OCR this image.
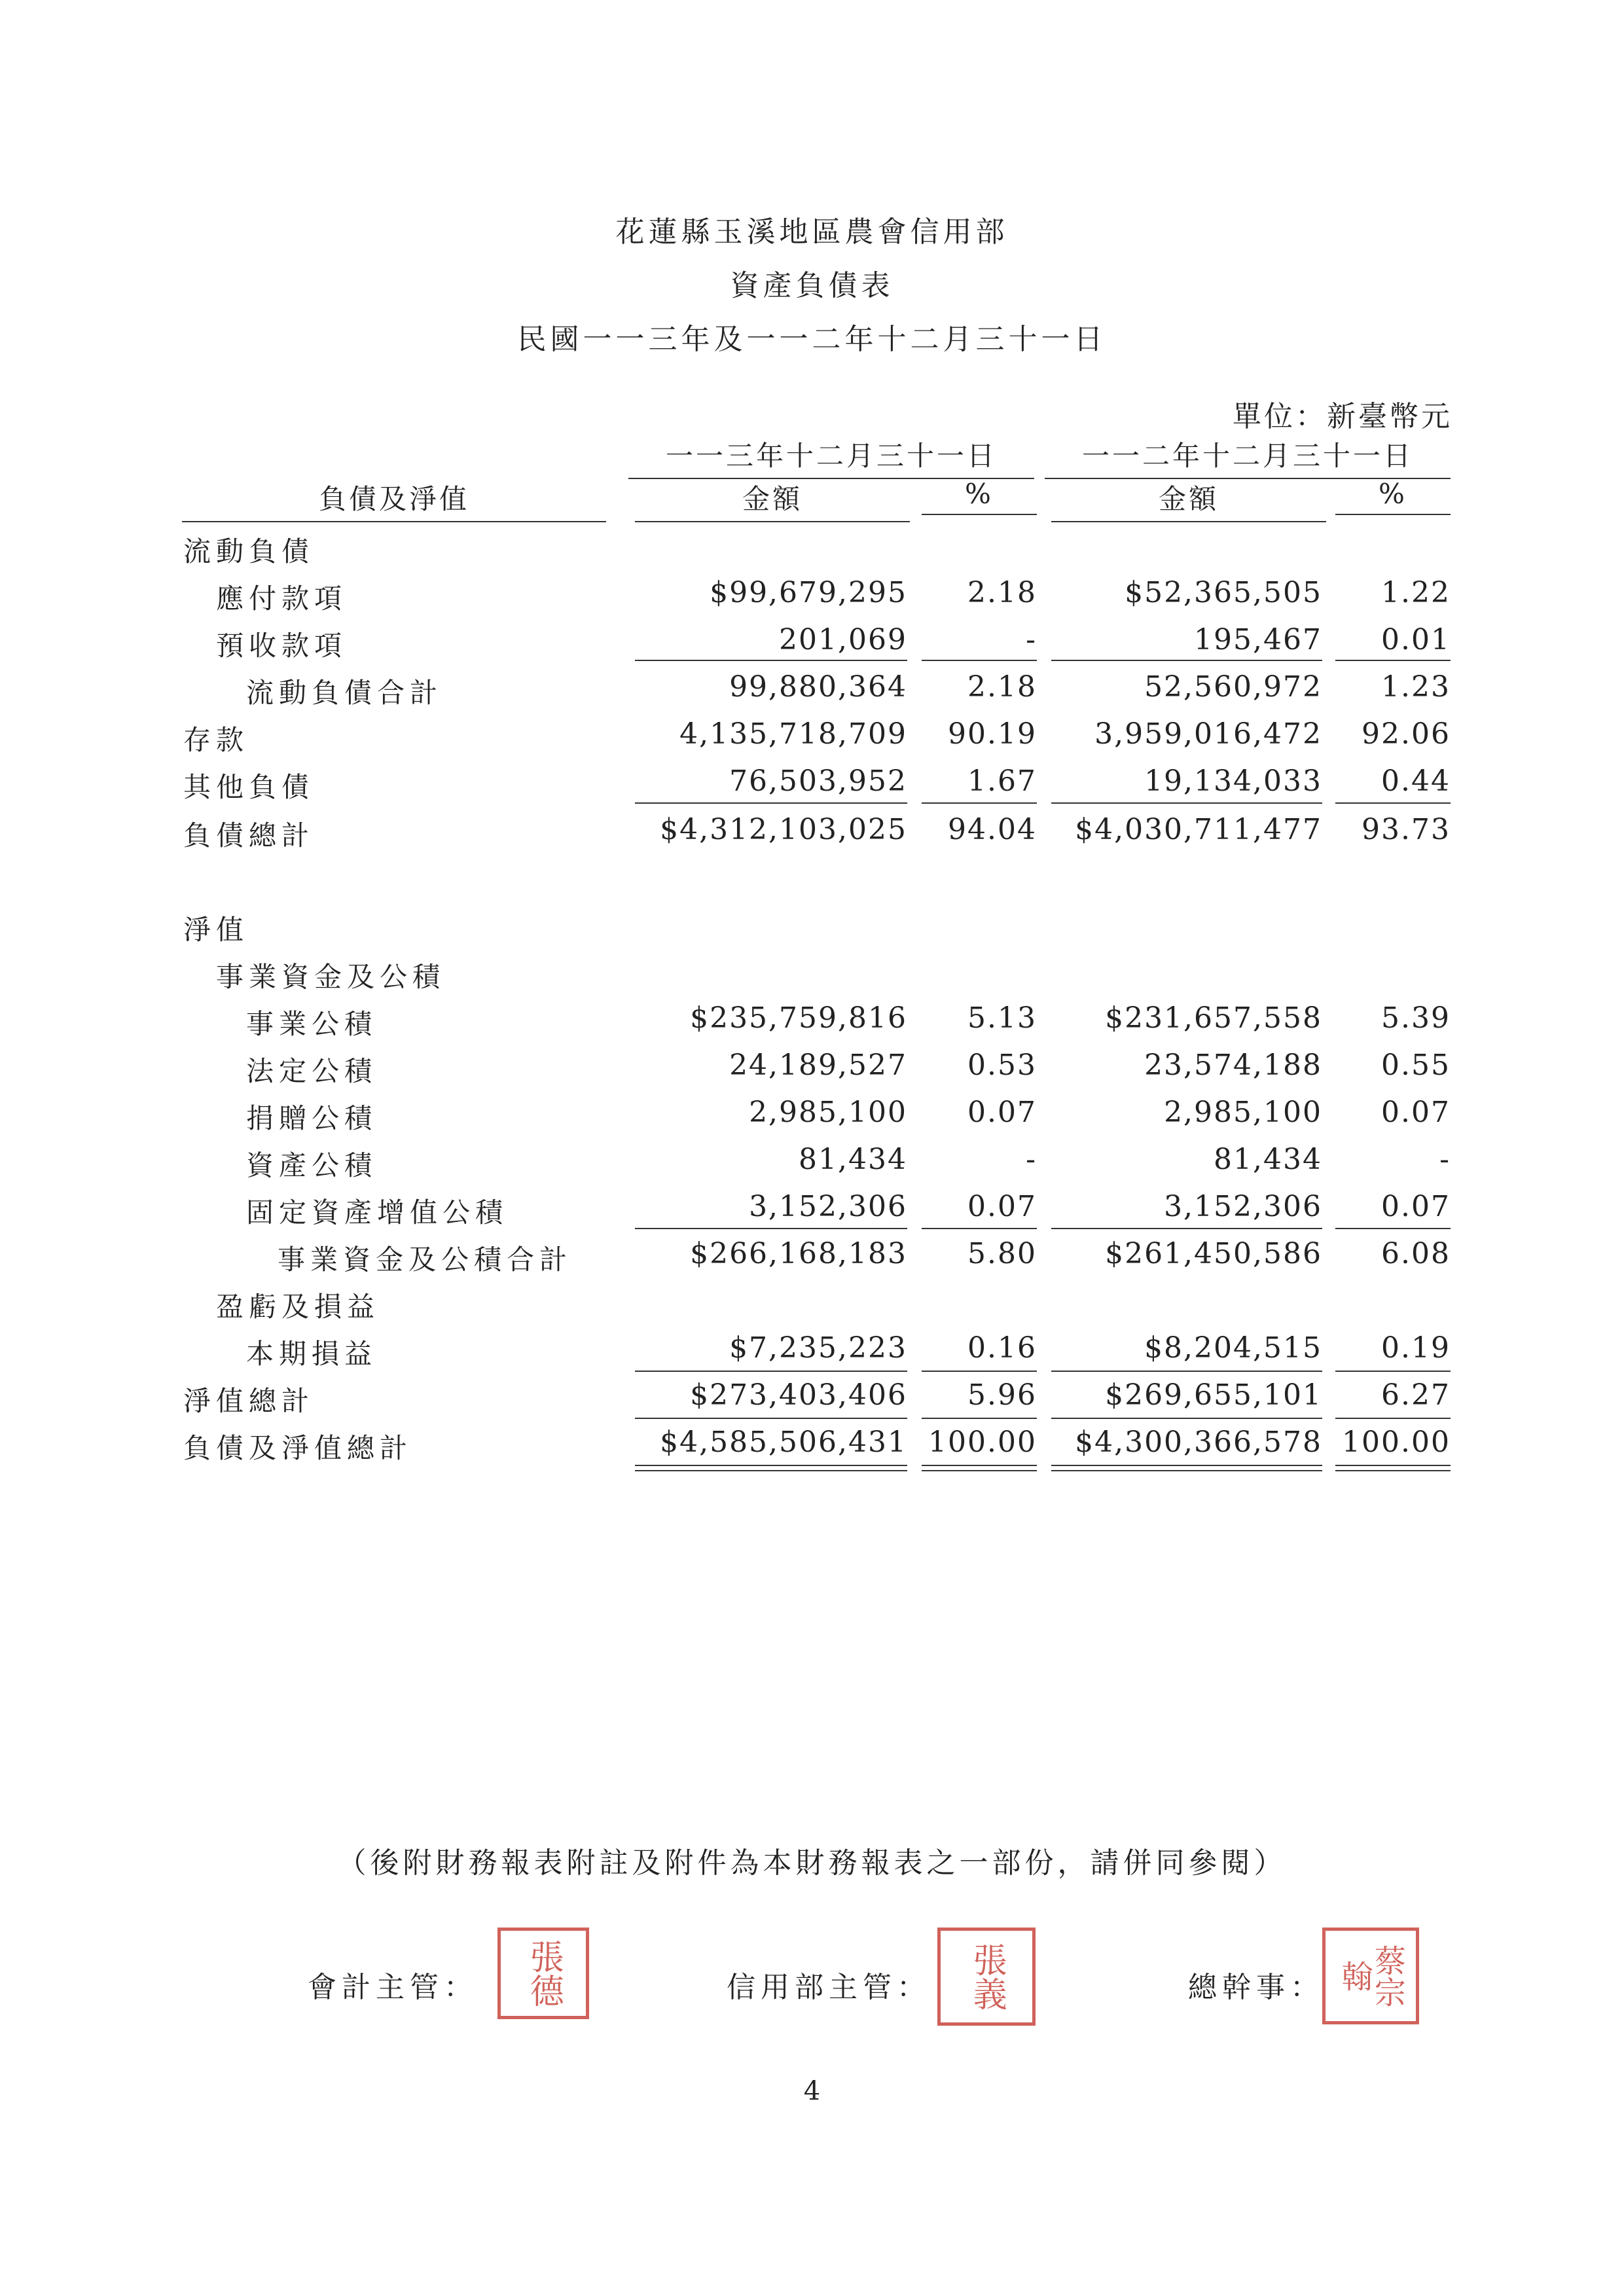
花蓮縣玉溪地區農會信用部
資產負債表
民國一一三年及一一二年十二月三十一日
單位：新臺幣元
一一三年十二月三十一日	一一二年十二月三十一日
負債及淨值	金額	%	金額	%
流動負債
應付款項	$99,679,295	2.18	$52,365,505	1.22
預收款項	201,069	-	195,467	0.01
流動負債合計	99,880,364	2.18	52,560,972	1.23
存款	4,135,718,709	90.19	3,959,016,472	92.06
其他負債	76,503,952	1.67	19,134,033	0.44
負債總計	$4,312,103,025	94.04	$4,030,711,477	93.73
淨值
事業資金及公積
事業公積	$235,759,816	5.13	$231,657,558	5.39
法定公積	24,189,527	0.53	23,574,188	0.55
捐贈公積	2,985,100	0.07	2,985,100	0.07
資產公積	81,434	-	81,434	-
固定資產增值公積	3,152,306	0.07	3,152,306	0.07
事業資金及公積合計	$266,168,183	5.80	$261,450,586	6.08
盈虧及損益
本期損益	$7,235,223	0.16	$8,204,515	0.19
淨值總計	$273,403,406	5.96	$269,655,101	6.27
負債及淨值總計	$4,585,506,431 100.00	$4,300,366,578 100.00
（後附財務報表附註及附件為本財務報表之一部份，請併同參閱）
會計主管： 張德	信用部主管： 張義	總幹事：	蔡宗翰
4
